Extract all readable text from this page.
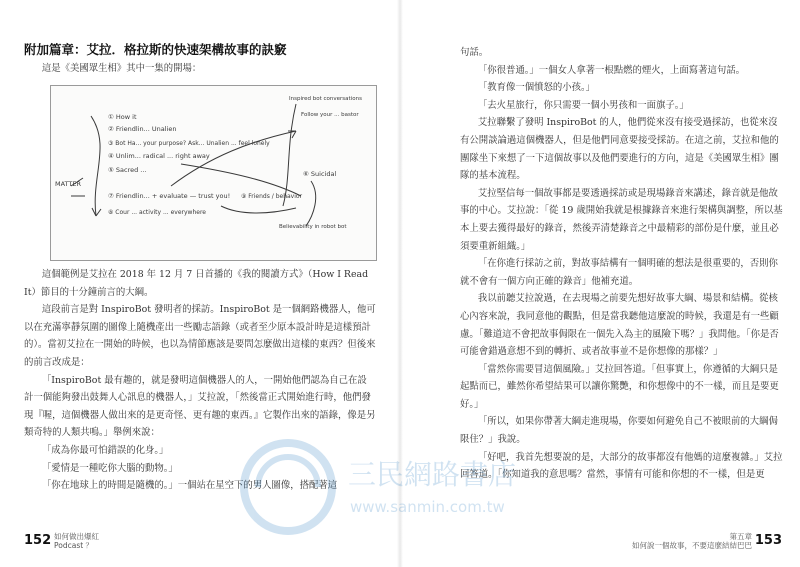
附加篇章：艾拉．格拉斯的快速架構故事的訣竅

這是《美國眾生相》其中一集的開場：

① How it
② Friendlin... Unalien
③ Bot Ha... your purpose? Ask... Unalien ... feel lonely
④ Unlim... radical ... right away
⑤ Sacred ...	⑥ Suicidal
⑦ Friendlin... + evaluate — trust you!
⑧ Cour ... activity ... everywhere
⑨ Friends / behavior
MATTER
Inspired bot conversations
Follow your ... bastor
Believability in robot bot

這個範例是艾拉在 2018 年 12 月 7 日首播的《我的閱讀方式》（How I Read It）節目的十分鐘前言的大綱。

這段前言是對 InspiroBot 發明者的採訪。InspiroBot 是一個網路機器人，他可以在充滿寧靜氛圍的圖像上隨機產出一些勵志語錄（或者至少原本設計時是這樣預計的）。當初艾拉在一開始的時候，也以為情節應該是要問怎麼做出這樣的東西？但後來的前言改成是：

「InspiroBot 最有趣的，就是發明這個機器人的人，一開始他們認為自己在設計一個能夠發出鼓舞人心訊息的機器人，」艾拉說，「然後當正式開始進行時，他們發現『喔，這個機器人做出來的是更奇怪、更有趣的東西。』它製作出來的語錄，像是另類奇特的人類共鳴。」舉例來說：

「成為你最可怕錯誤的化身。」

「愛情是一種吃你大腦的動物。」

「你在地球上的時間是隨機的。」一個站在星空下的男人圖像，搭配著這

152 如何做出爆紅
Podcast ？

句話。

「你很普通。」一個女人拿著一根點燃的煙火，上面寫著這句話。

「教育像一個憤怒的小孩。」

「去火星旅行，你只需要一個小男孩和一面旗子。」

艾拉聯繫了發明 InspiroBot 的人，他們從來沒有接受過採訪，也從來沒有公開談論過這個機器人，但是他們同意要接受採訪。在這之前，艾拉和他的團隊坐下來想了一下這個故事以及他們要進行的方向，這是《美國眾生相》團隊的基本流程。

艾拉堅信每一個故事都是要透過採訪或是現場錄音來講述，錄音就是他故事的中心。艾拉說：「從 19 歲開始我就是根據錄音來進行架構與調整，所以基本上要去獲得最好的錄音，然後弄清楚錄音之中最精彩的部份是什麼，並且必須要重新組織。」

「在你進行採訪之前，對故事結構有一個明確的想法是很重要的，否則你就不會有一個方向正確的錄音」他補充道。

我以前聽艾拉說過，在去現場之前要先想好故事大綱、場景和結構。從核心內容來說，我同意他的觀點，但是當我聽他這麼說的時候，我還是有一些顧慮。「難道這不會把故事侷限在一個先入為主的風險下嗎？」我問他。「你是否可能會錯過意想不到的轉折、或者故事並不是你想像的那樣？」

「當然你需要冒這個風險。」艾拉回答道。「但事實上，你遵循的大綱只是起點而已，雖然你希望結果可以讓你驚艷，和你想像中的不一樣，而且是要更好。」

「所以，如果你帶著大綱走進現場，你要如何避免自己不被眼前的大綱侷限住？」我說。

「好吧，我首先想要說的是，大部分的故事都沒有他媽的這麼複雜。」艾拉回答道。「你知道我的意思嗎？當然，事情有可能和你想的不一樣，但是更

第五章
如何說一個故事，不要這麼結結巴巴 153
三民網路書店
www.sanmin.com.tw
